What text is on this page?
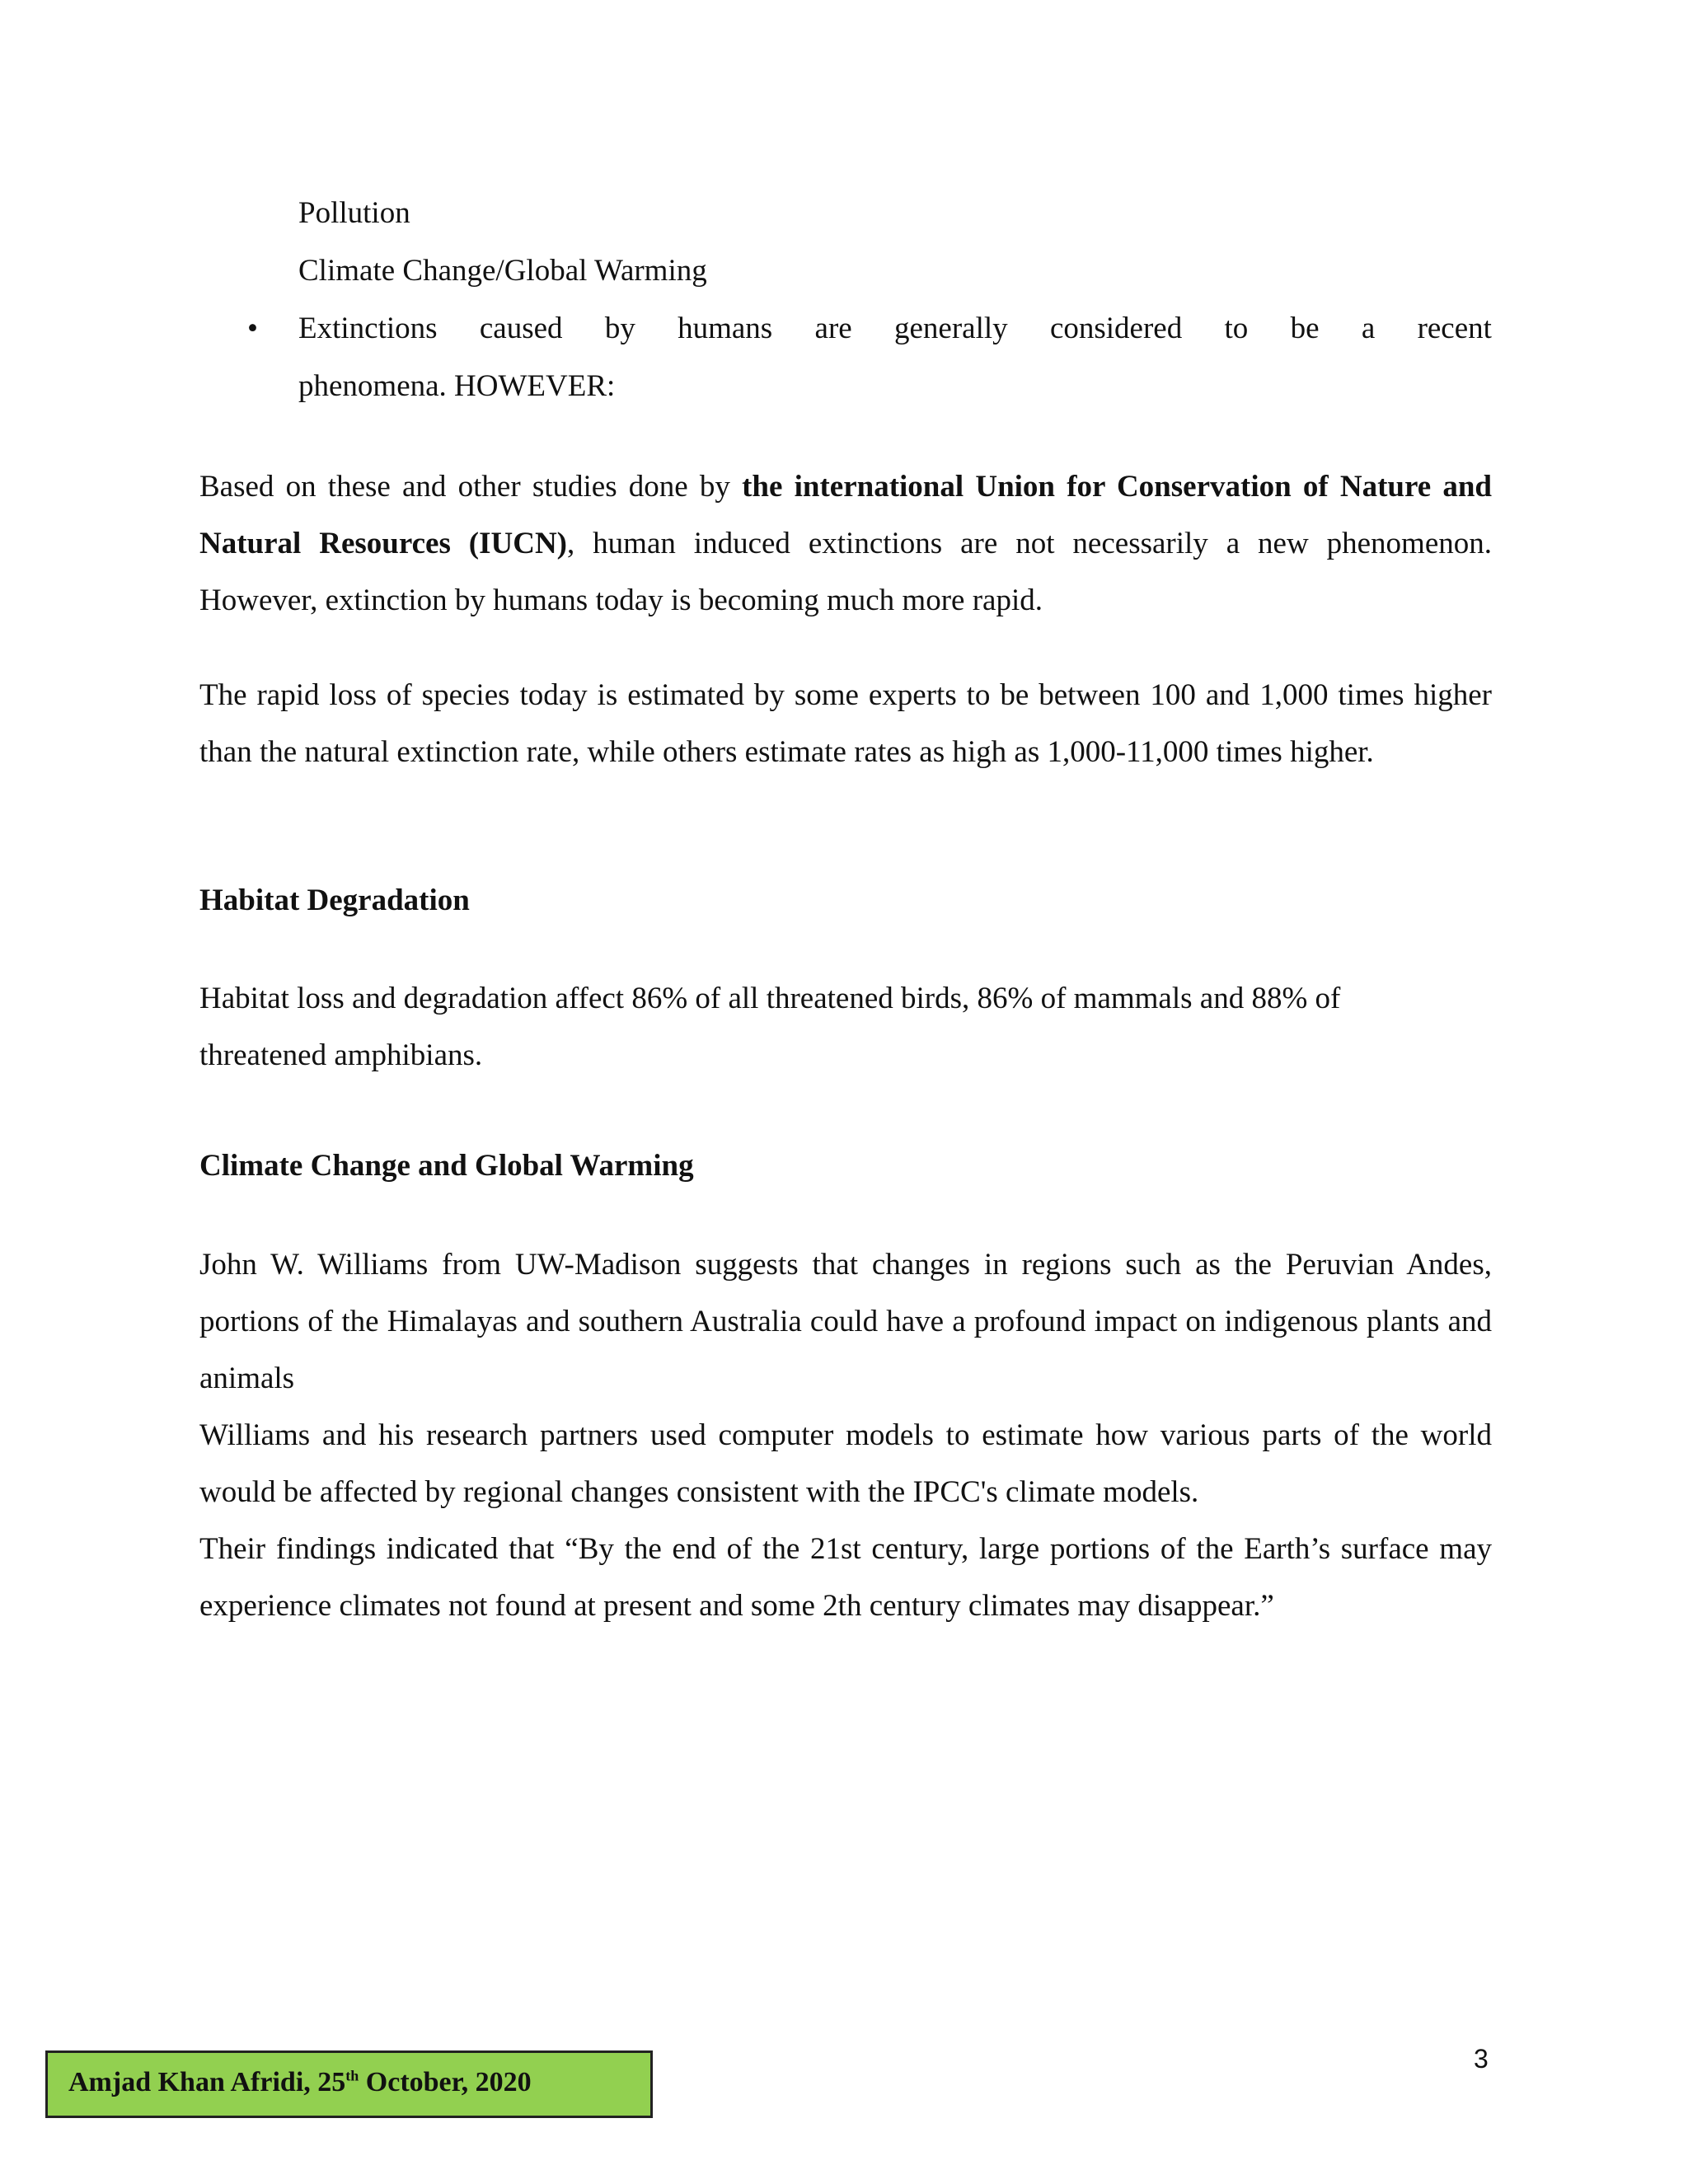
Pollution
Climate Change/Global Warming
•
Extinctions caused by humans are generally considered to be a recent
phenomena. HOWEVER:
Based on these and other studies done by the international Union for Conservation of Nature and Natural Resources (IUCN), human induced extinctions are not necessarily a new phenomenon. However, extinction by humans today is becoming much more rapid.
The rapid loss of species today is estimated by some experts to be between 100 and 1,000 times higher than the natural extinction rate, while others estimate rates as high as 1,000-11,000 times higher.
Habitat Degradation
Habitat loss and degradation affect 86% of all threatened birds, 86% of mammals and 88% of threatened amphibians.
Climate Change and Global Warming
John W. Williams from UW-Madison suggests that changes in regions such as the Peruvian Andes, portions of the Himalayas and southern Australia could have a profound impact on indigenous plants and animals
Williams and his research partners used computer models to estimate how various parts of the world would be affected by regional changes consistent with the IPCC's climate models.
Their findings indicated that “By the end of the 21st century, large portions of the Earth’s surface may experience climates not found at present and some 2th century climates may disappear.”
Amjad Khan Afridi, 25th October, 2020
3
